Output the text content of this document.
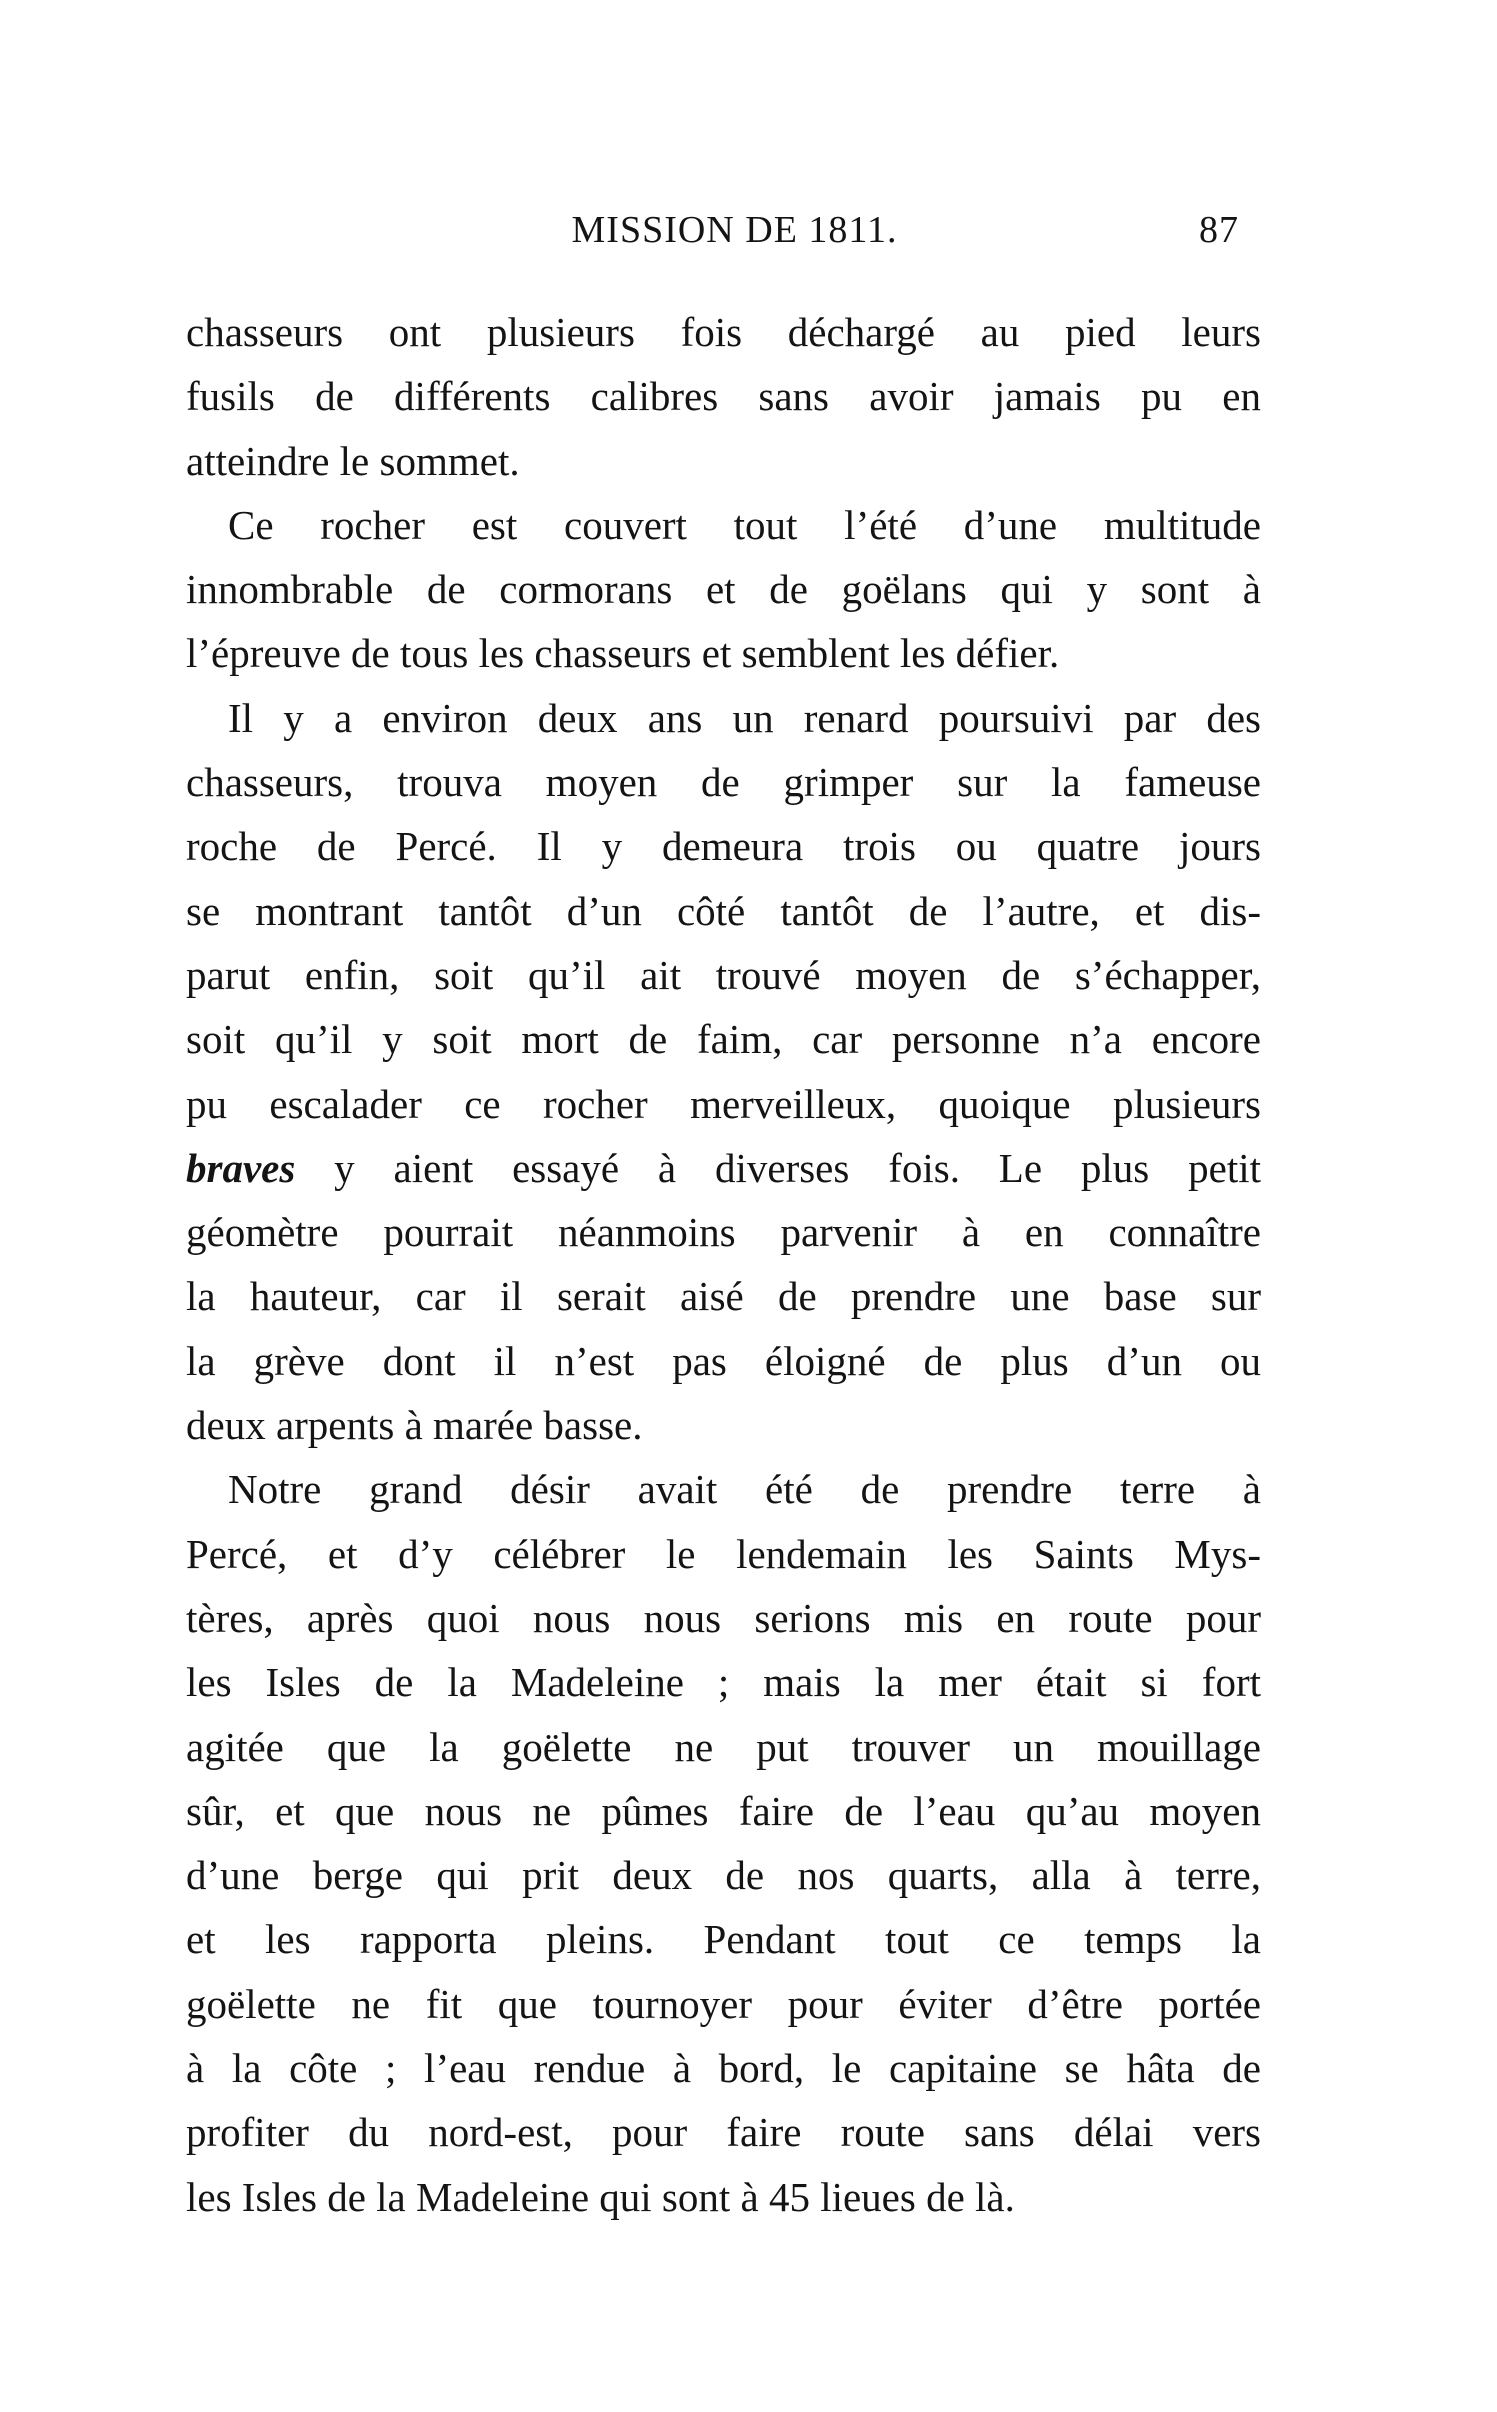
MISSION DE 1811.	87
chasseurs ont plusieurs fois déchargé au pied leurs
fusils de différents calibres sans avoir jamais pu en
atteindre le sommet.
Ce rocher est couvert tout l’été d’une multitude
innombrable de cormorans et de goëlans qui y sont à
l’épreuve de tous les chasseurs et semblent les défier.
Il y a environ deux ans un renard poursuivi par des
chasseurs, trouva moyen de grimper sur la fameuse
roche de Percé. Il y demeura trois ou quatre jours
se montrant tantôt d’un côté tantôt de l’autre, et dis-
parut enfin, soit qu’il ait trouvé moyen de s’échapper,
soit qu’il y soit mort de faim, car personne n’a encore
pu escalader ce rocher merveilleux, quoique plusieurs
braves y aient essayé à diverses fois. Le plus petit
géomètre pourrait néanmoins parvenir à en connaître
la hauteur, car il serait aisé de prendre une base sur
la grève dont il n’est pas éloigné de plus d’un ou
deux arpents à marée basse.
Notre grand désir avait été de prendre terre à
Percé, et d’y célébrer le lendemain les Saints Mys-
tères, après quoi nous nous serions mis en route pour
les Isles de la Madeleine ; mais la mer était si fort
agitée que la goëlette ne put trouver un mouillage
sûr, et que nous ne pûmes faire de l’eau qu’au moyen
d’une berge qui prit deux de nos quarts, alla à terre,
et les rapporta pleins. Pendant tout ce temps la
goëlette ne fit que tournoyer pour éviter d’être portée
à la côte ; l’eau rendue à bord, le capitaine se hâta de
profiter du nord-est, pour faire route sans délai vers
les Isles de la Madeleine qui sont à 45 lieues de là.
